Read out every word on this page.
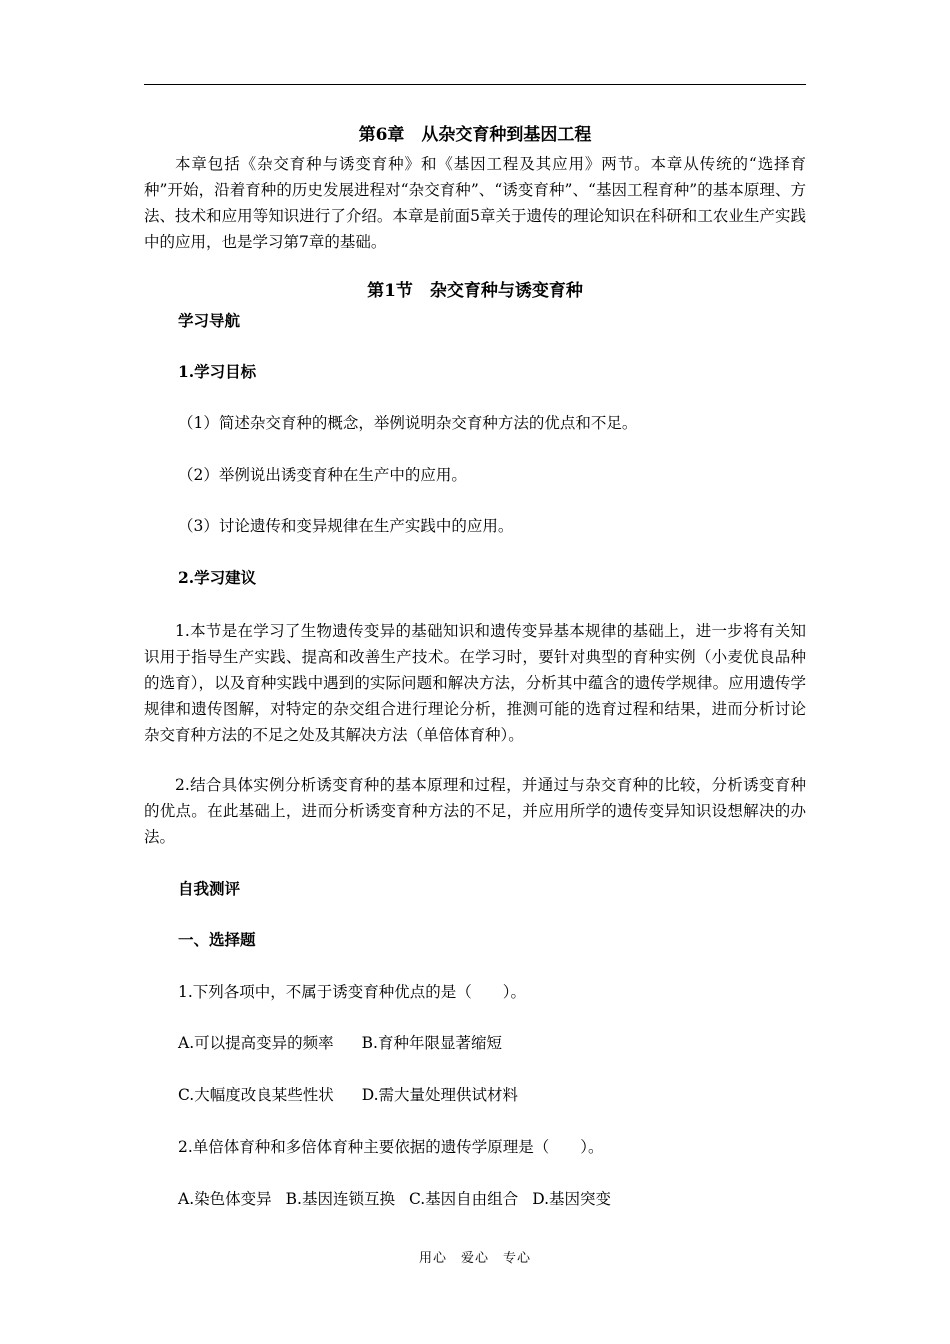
第6章　从杂交育种到基因工程
本章包括《杂交育种与诱变育种》和《基因工程及其应用》两节。本章从传统的“选择育种”开始，沿着育种的历史发展进程对“杂交育种”、“诱变育种”、“基因工程育种”的基本原理、方法、技术和应用等知识进行了介绍。本章是前面5章关于遗传的理论知识在科研和工农业生产实践中的应用，也是学习第7章的基础。
第1节　杂交育种与诱变育种
学习导航
1.学习目标
（1）简述杂交育种的概念，举例说明杂交育种方法的优点和不足。
（2）举例说出诱变育种在生产中的应用。
（3）讨论遗传和变异规律在生产实践中的应用。
2.学习建议
1.本节是在学习了生物遗传变异的基础知识和遗传变异基本规律的基础上，进一步将有关知识用于指导生产实践、提高和改善生产技术。在学习时，要针对典型的育种实例（小麦优良品种的选育），以及育种实践中遇到的实际问题和解决方法，分析其中蕴含的遗传学规律。应用遗传学规律和遗传图解，对特定的杂交组合进行理论分析，推测可能的选育过程和结果，进而分析讨论杂交育种方法的不足之处及其解决方法（单倍体育种）。
2.结合具体实例分析诱变育种的基本原理和过程，并通过与杂交育种的比较，分析诱变育种的优点。在此基础上，进而分析诱变育种方法的不足，并应用所学的遗传变异知识设想解决的办法。
自我测评
一、选择题
1.下列各项中，不属于诱变育种优点的是（　　）。
A.可以提高变异的频率 B.育种年限显著缩短
C.大幅度改良某些性状 D.需大量处理供试材料
2.单倍体育种和多倍体育种主要依据的遗传学原理是（　　）。
A.染色体变异 B.基因连锁互换 C.基因自由组合 D.基因突变
用心　爱心　专心
